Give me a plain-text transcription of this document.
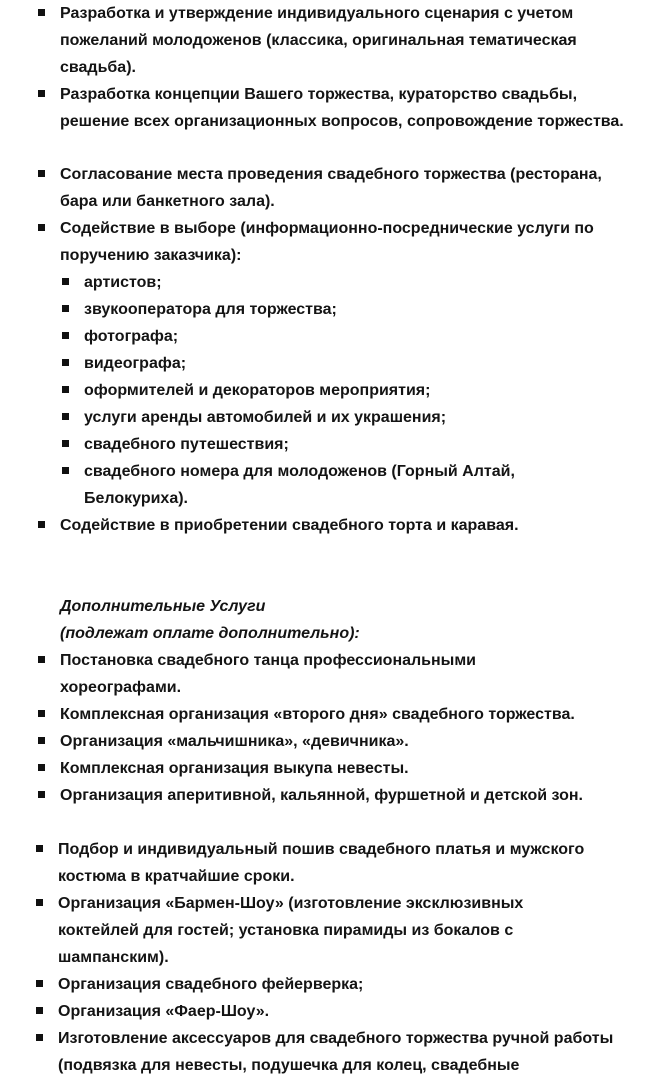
Разработка и утверждение индивидуального сценария с учетом пожеланий молодоженов (классика, оригинальная тематическая свадьба).
Разработка концепции Вашего торжества, кураторство свадьбы, решение всех организационных вопросов, сопровождение торжества.
Согласование места проведения свадебного торжества (ресторана, бара или банкетного зала).
Содействие в выборе (информационно-посреднические услуги по поручению заказчика):
артистов;
звукооператора для торжества;
фотографа;
видеографа;
оформителей и декораторов мероприятия;
услуги аренды автомобилей и их украшения;
свадебного путешествия;
свадебного номера для молодоженов (Горный Алтай, Белокуриха).
Содействие в приобретении свадебного торта и каравая.
Дополнительные Услуги
(подлежат оплате дополнительно):
Постановка свадебного танца профессиональными хореографами.
Комплексная организация «второго дня» свадебного торжества.
Организация «мальчишника», «девичника».
Комплексная организация выкупа невесты.
Организация аперитивной, кальянной, фуршетной и детской зон.
Подбор и индивидуальный пошив свадебного платья и мужского костюма в кратчайшие сроки.
Организация «Бармен-Шоу» (изготовление эксклюзивных коктейлей для гостей; установка пирамиды из бокалов с шампанским).
Организация свадебного фейерверка;
Организация «Фаер-Шоу».
Изготовление аксессуаров для свадебного торжества ручной работы (подвязка для невесты, подушечка для колец, свадебные
